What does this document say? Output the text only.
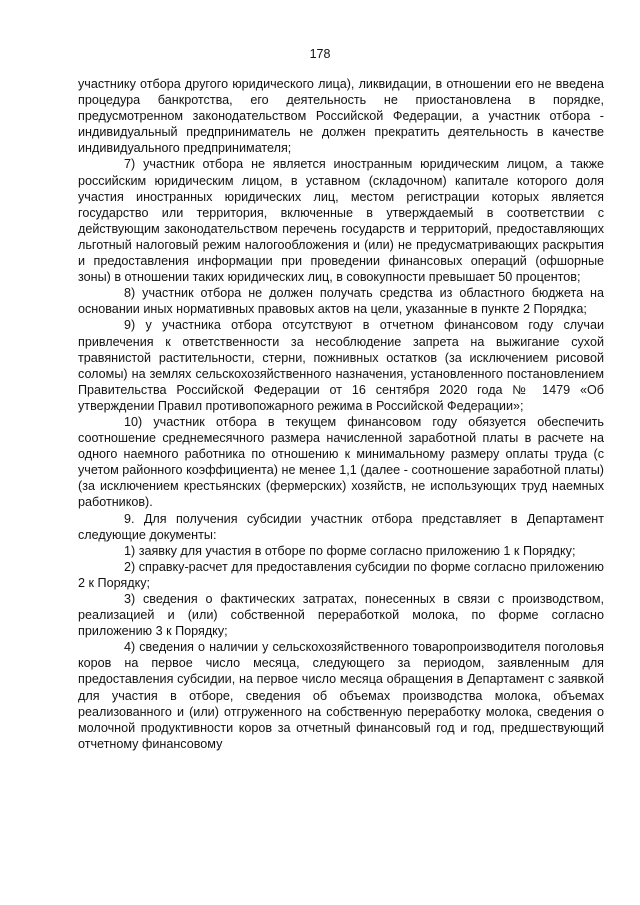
178

участнику отбора другого юридического лица), ликвидации, в отношении его не введена процедура банкротства, его деятельность не приостановлена в порядке, предусмотренном законодательством Российской Федерации, а участник отбора - индивидуальный предприниматель не должен прекратить деятельность в качестве индивидуального предпринимателя;

7) участник отбора не является иностранным юридическим лицом, а также российским юридическим лицом, в уставном (складочном) капитале которого доля участия иностранных юридических лиц, местом регистрации которых является государство или территория, включенные в утверждаемый в соответствии с действующим законодательством перечень государств и территорий, предоставляющих льготный налоговый режим налогообложения и (или) не предусматривающих раскрытия и предоставления информации при проведении финансовых операций (офшорные зоны) в отношении таких юридических лиц, в совокупности превышает 50 процентов;

8) участник отбора не должен получать средства из областного бюджета на основании иных нормативных правовых актов на цели, указанные в пункте 2 Порядка;

9) у участника отбора отсутствуют в отчетном финансовом году случаи привлечения к ответственности за несоблюдение запрета на выжигание сухой травянистой растительности, стерни, пожнивных остатков (за исключением рисовой соломы) на землях сельскохозяйственного назначения, установленного постановлением Правительства Российской Федерации от 16 сентября 2020 года № 1479 «Об утверждении Правил противопожарного режима в Российской Федерации»;

10) участник отбора в текущем финансовом году обязуется обеспечить соотношение среднемесячного размера начисленной заработной платы в расчете на одного наемного работника по отношению к минимальному размеру оплаты труда (с учетом районного коэффициента) не менее 1,1 (далее - соотношение заработной платы) (за исключением крестьянских (фермерских) хозяйств, не использующих труд наемных работников).

9. Для получения субсидии участник отбора представляет в Департамент следующие документы:

1) заявку для участия в отборе по форме согласно приложению 1 к Порядку;

2) справку-расчет для предоставления субсидии по форме согласно приложению 2 к Порядку;

3) сведения о фактических затратах, понесенных в связи с производством, реализацией и (или) собственной переработкой молока, по форме согласно приложению 3 к Порядку;

4) сведения о наличии у сельскохозяйственного товаропроизводителя поголовья коров на первое число месяца, следующего за периодом, заявленным для предоставления субсидии, на первое число месяца обращения в Департамент с заявкой для участия в отборе, сведения об объемах производства молока, объемах реализованного и (или) отгруженного на собственную переработку молока, сведения о молочной продуктивности коров за отчетный финансовый год и год, предшествующий отчетному финансовому
